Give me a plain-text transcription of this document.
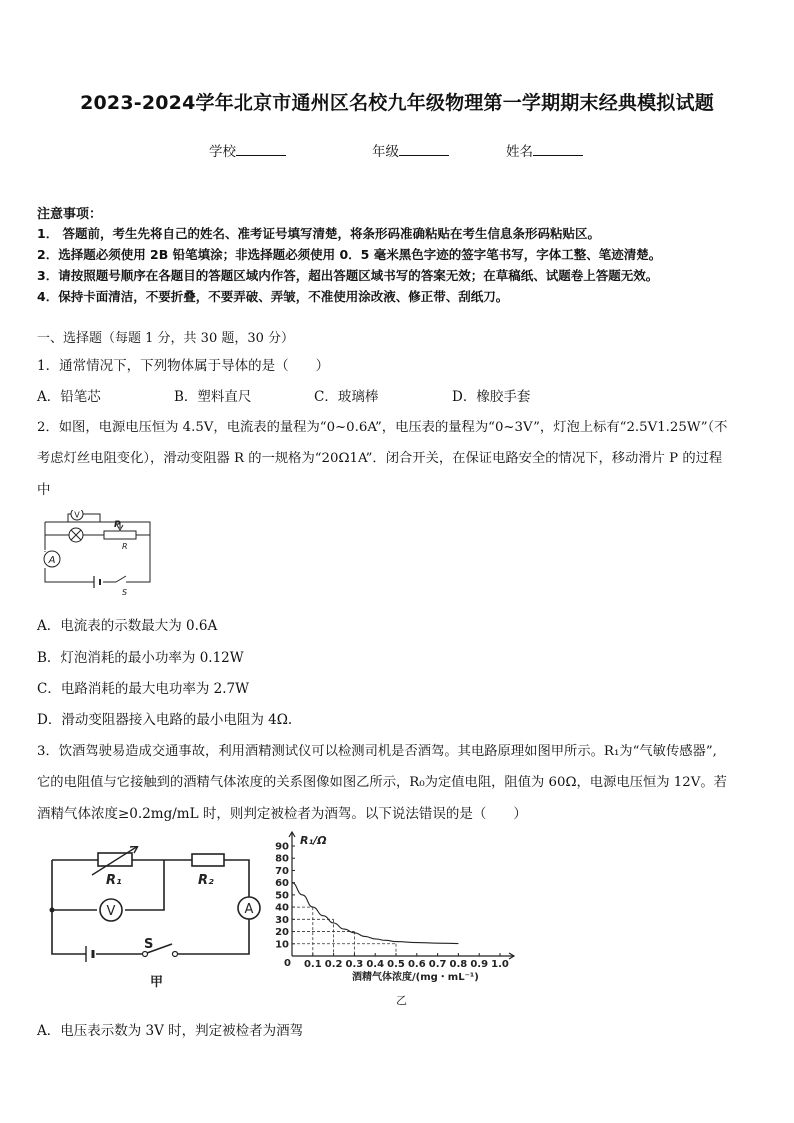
2023-2024学年北京市通州区名校九年级物理第一学期期末经典模拟试题
学校	年级	姓名
注意事项：
1． 答题前，考生先将自己的姓名、准考证号填写清楚，将条形码准确粘贴在考生信息条形码粘贴区。
2．选择题必须使用 2B 铅笔填涂；非选择题必须使用 0．5 毫米黑色字迹的签字笔书写，字体工整、笔迹清楚。
3．请按照题号顺序在各题目的答题区域内作答，超出答题区域书写的答案无效；在草稿纸、试题卷上答题无效。
4．保持卡面清洁，不要折叠，不要弄破、弄皱，不准使用涂改液、修正带、刮纸刀。
一、选择题（每题 1 分，共 30 题，30 分）
1．通常情况下，下列物体属于导体的是（　　）
A．铅笔芯	B．塑料直尺	C．玻璃棒	D．橡胶手套
2．如图，电源电压恒为 4.5V，电流表的量程为“0~0.6A”，电压表的量程为“0~3V”，灯泡上标有“2.5V1.25W”（不
考虑灯丝电阻变化），滑动变阻器 R 的一规格为“20Ω1A”．闭合开关，在保证电路安全的情况下，移动滑片 P 的过程
中
V
P
R
A
S
A．电流表的示数最大为 0.6A
B．灯泡消耗的最小功率为 0.12W
C．电路消耗的最大电功率为 2.7W
D．滑动变阻器接入电路的最小电阻为 4Ω.
3．饮酒驾驶易造成交通事故，利用酒精测试仪可以检测司机是否酒驾。其电路原理如图甲所示。R₁为“气敏传感器”,
它的电阻值与它接触到的酒精气体浓度的关系图像如图乙所示，R₀为定值电阻，阻值为 60Ω，电源电压恒为 12V。若
酒精气体浓度≥0.2mg/mL 时，则判定被检者为酒驾。以下说法错误的是（　　）
R₁	R₂
V	A
S
甲
0.1 0.2 0.3 0.4 0.5 0.6 0.7 0.8 0.9 1.0
10
20
30
40
50
60
70
80
90 R₁/Ω
酒精气体浓度/(mg・mL⁻¹)
乙
0
A．电压表示数为 3V 时，判定被检者为酒驾
